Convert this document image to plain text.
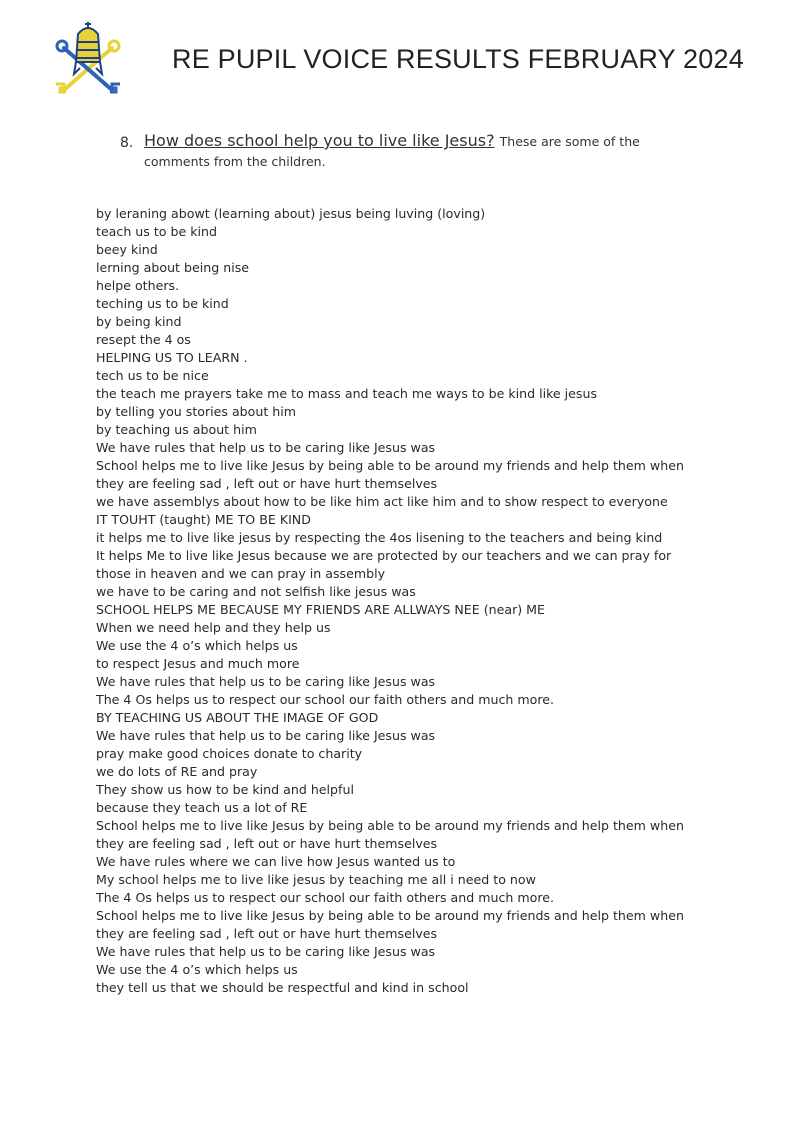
RE PUPIL VOICE RESULTS FEBRUARY 2024
8. How does school help you to live like Jesus? These are some of the comments from the children.
by leraning abowt (learning about) jesus being luving (loving)
teach us to be kind
beey kind
lerning about being nise
helpe others.
teching us to be kind
by being kind
resept the 4 os
HELPING US TO LEARN .
tech us to be nice
the teach me prayers take me to mass and teach me ways to be kind like jesus
by telling you stories about him
by teaching us about him
We have rules that help us to be caring like Jesus was
School helps me to live like Jesus by being able to be around my friends and help them when they are feeling sad , left out or have hurt themselves
we have assemblys about how to be like him act like him and to show respect to everyone
IT TOUHT (taught) ME TO BE KIND
it helps me to live like jesus by respecting the 4os lisening to the teachers and being kind
It helps Me to live like Jesus because we are protected by our teachers and we can pray for those in heaven and we can pray in assembly
we have to be caring and not selfish like jesus was
SCHOOL HELPS ME BECAUSE MY FRIENDS ARE ALLWAYS NEE (near) ME
When we need help and they help us
We use the 4 o’s which helps us
to respect Jesus and much more
We have rules that help us to be caring like Jesus was
The 4 Os helps us to respect our school our faith others and much more.
BY TEACHING US ABOUT THE IMAGE OF GOD
We have rules that help us to be caring like Jesus was
pray make good choices donate to charity
we do lots of RE and pray
They show us how to be kind and helpful
because they teach us a lot of RE
School helps me to live like Jesus by being able to be around my friends and help them when they are feeling sad , left out or have hurt themselves
We have rules where we can live how Jesus wanted us to
My school helps me to live like jesus by teaching me all i need to now
The 4 Os helps us to respect our school our faith others and much more.
School helps me to live like Jesus by being able to be around my friends and help them when they are feeling sad , left out or have hurt themselves
We have rules that help us to be caring like Jesus was
We use the 4 o’s which helps us
they tell us that we should be respectful and kind in school
